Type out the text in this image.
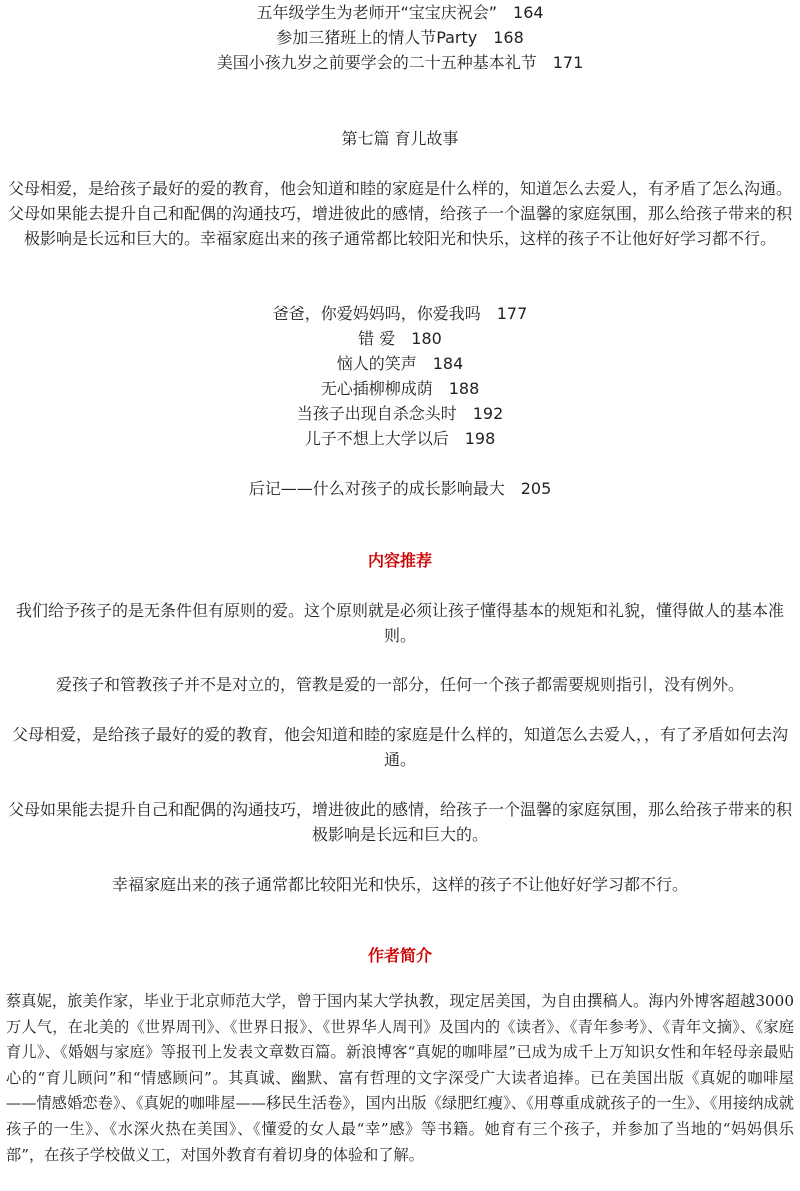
五年级学生为老师开“宝宝庆祝会”　164
参加三猪班上的情人节Party　168
美国小孩九岁之前要学会的二十五种基本礼节　171
第七篇 育儿故事
父母相爱，是给孩子最好的爱的教育，他会知道和睦的家庭是什么样的，知道怎么去爱人，有矛盾了怎么沟通。父母如果能去提升自己和配偶的沟通技巧，增进彼此的感情，给孩子一个温馨的家庭氛围，那么给孩子带来的积极影响是长远和巨大的。幸福家庭出来的孩子通常都比较阳光和快乐，这样的孩子不让他好好学习都不行。
爸爸，你爱妈妈吗，你爱我吗　177
错 爱　180
恼人的笑声　184
无心插柳柳成荫　188
当孩子出现自杀念头时　192
儿子不想上大学以后　198
后记——什么对孩子的成长影响最大　205
内容推荐
我们给予孩子的是无条件但有原则的爱。这个原则就是必须让孩子懂得基本的规矩和礼貌，懂得做人的基本准则。
爱孩子和管教孩子并不是对立的，管教是爱的一部分，任何一个孩子都需要规则指引，没有例外。
父母相爱，是给孩子最好的爱的教育，他会知道和睦的家庭是什么样的，知道怎么去爱人，，有了矛盾如何去沟通。
父母如果能去提升自己和配偶的沟通技巧，增进彼此的感情，给孩子一个温馨的家庭氛围，那么给孩子带来的积极影响是长远和巨大的。
幸福家庭出来的孩子通常都比较阳光和快乐，这样的孩子不让他好好学习都不行。
作者简介
蔡真妮，旅美作家，毕业于北京师范大学，曾于国内某大学执教，现定居美国，为自由撰稿人。海内外博客超越3000万人气，在北美的《世界周刊》、《世界日报》、《世界华人周刊》及国内的《读者》、《青年参考》、《青年文摘》、《家庭育儿》、《婚姻与家庭》等报刊上发表文章数百篇。新浪博客“真妮的咖啡屋”已成为成千上万知识女性和年轻母亲最贴心的“育儿顾问”和“情感顾问”。其真诚、幽默、富有哲理的文字深受广大读者追捧。已在美国出版《真妮的咖啡屋——情感婚恋卷》、《真妮的咖啡屋——移民生活卷》，国内出版《绿肥红瘦》、《用尊重成就孩子的一生》、《用接纳成就孩子的一生》、《水深火热在美国》、《懂爱的女人最“幸”感》等书籍。她育有三个孩子，并参加了当地的“妈妈俱乐部”，在孩子学校做义工，对国外教育有着切身的体验和了解。
